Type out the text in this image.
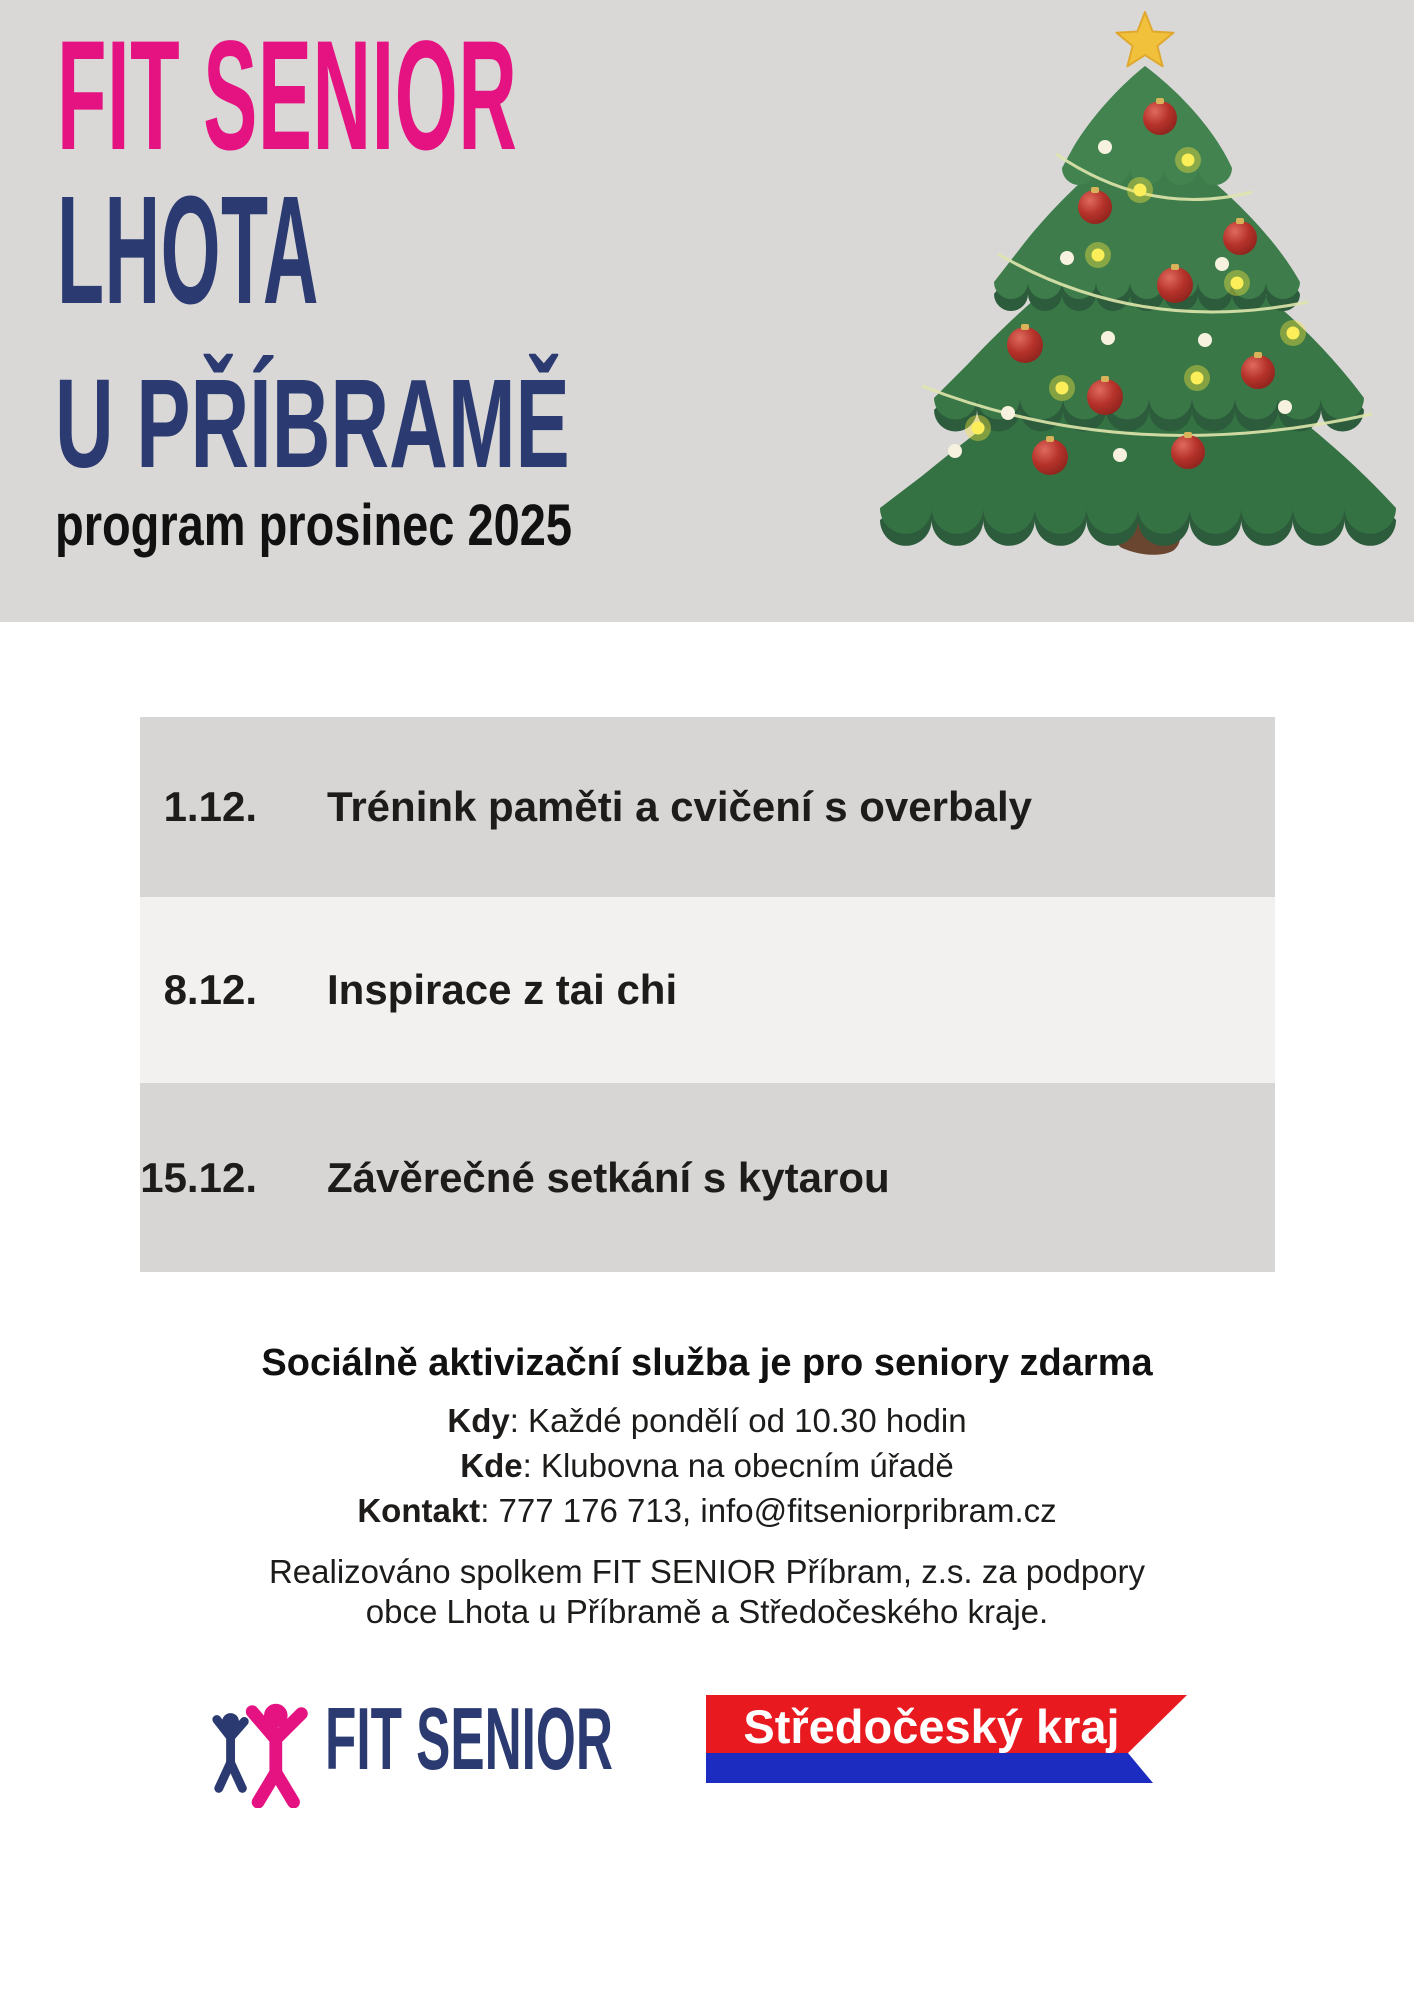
FIT SENIOR
LHOTA
U PŘÍBRAMĚ
program prosinec 2025
1.12. Trénink paměti a cvičení s overbaly
8.12. Inspirace z tai chi
15.12. Závěrečné setkání s kytarou
Sociálně aktivizační služba je pro seniory zdarma
Kdy: Každé pondělí od 10.30 hodin
Kde: Klubovna na obecním úřadě
Kontakt: 777 176 713, info@fitseniorpribram.cz
Realizováno spolkem FIT SENIOR Příbram, z.s. za podpory
obce Lhota u Příbramě a Středočeského kraje.
FIT SENIOR	Středočeský kraj
